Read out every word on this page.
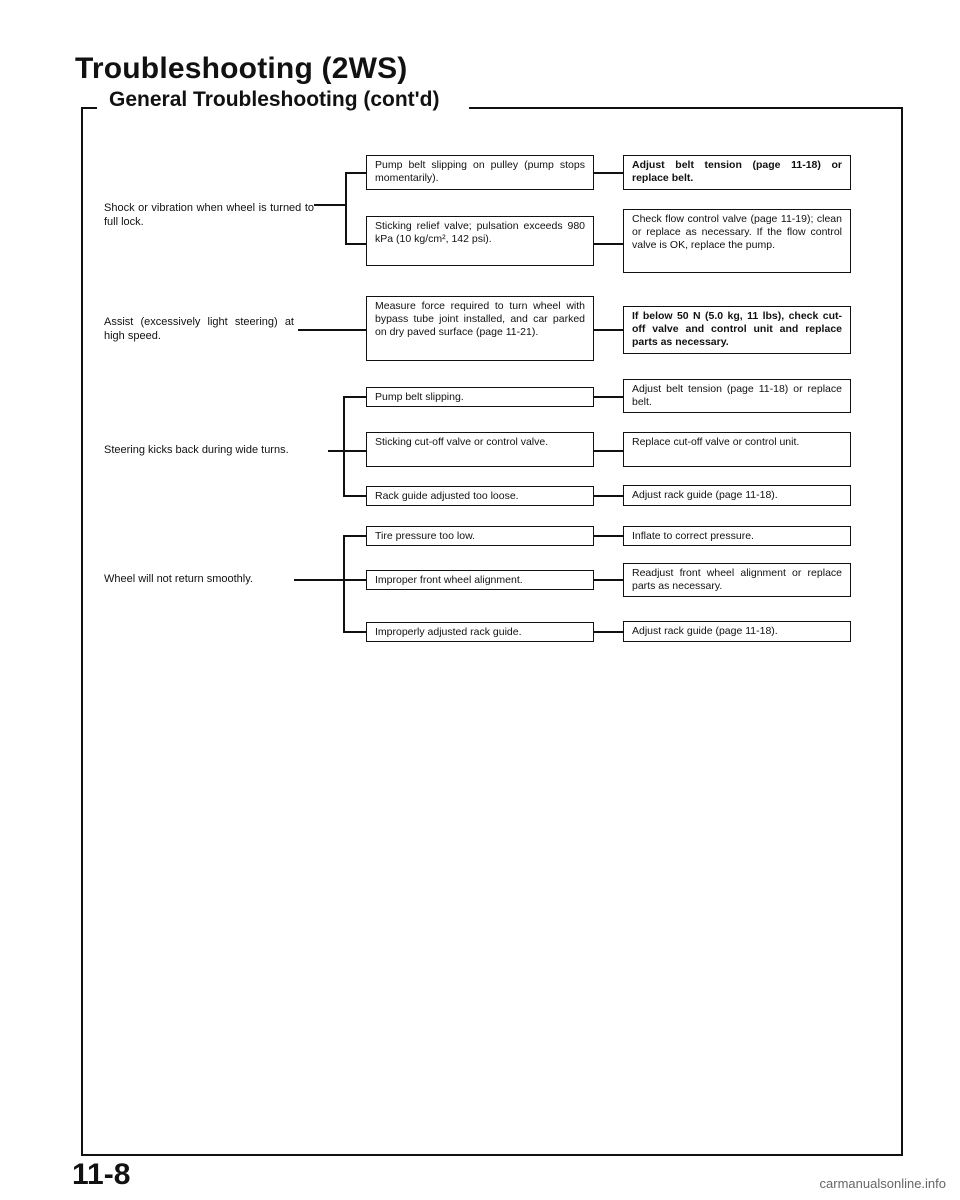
Troubleshooting (2WS)
General Troubleshooting (cont'd)
Shock or vibration when wheel is turned to full lock.
Pump belt slipping on pulley (pump stops momentarily).
Sticking relief valve; pulsation exceeds 980 kPa (10 kg/cm², 142 psi).
Adjust belt tension (page 11-18) or replace belt.
Check flow control valve (page 11-19); clean or replace as necessary. If the flow control valve is OK, replace the pump.
Assist (excessively light steering) at high speed.
Measure force required to turn wheel with bypass tube joint installed, and car parked on dry paved surface (page 11-21).
If below 50 N (5.0 kg, 11 lbs), check cut-off valve and control unit and replace parts as necessary.
Steering kicks back during wide turns.
Pump belt slipping.
Sticking cut-off valve or control valve.
Rack guide adjusted too loose.
Adjust belt tension (page 11-18) or replace belt.
Replace cut-off valve or control unit.
Adjust rack guide (page 11-18).
Wheel will not return smoothly.
Tire pressure too low.
Improper front wheel alignment.
Improperly adjusted rack guide.
Inflate to correct pressure.
Readjust front wheel alignment or replace parts as necessary.
Adjust rack guide (page 11-18).
11-8	carmanualsonline.info
